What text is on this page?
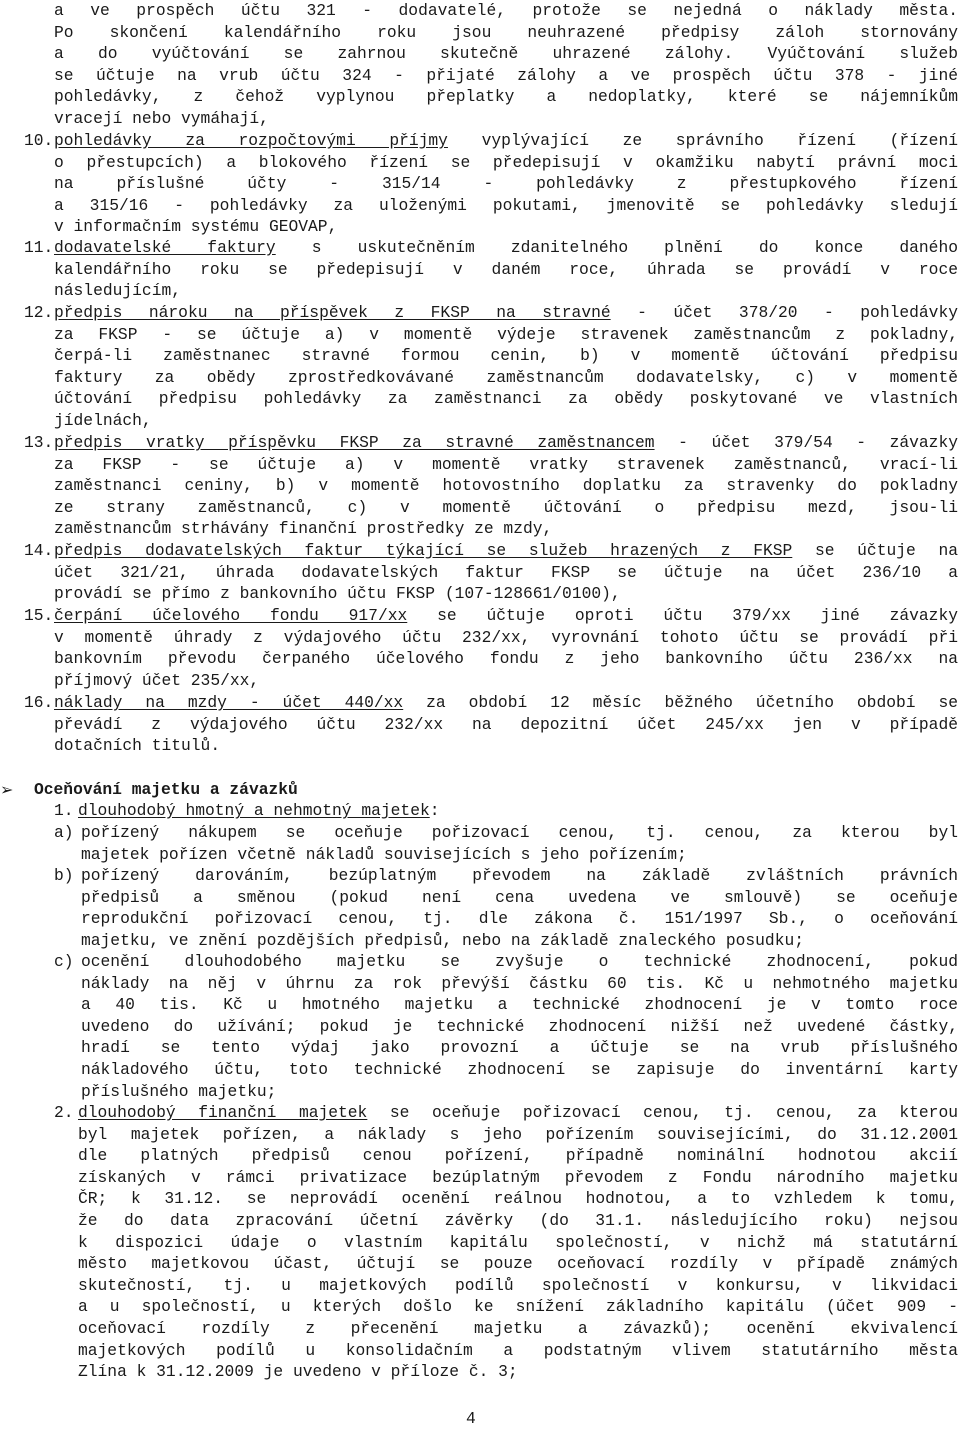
a ve prospěch účtu 321 - dodavatelé, protože se nejedná o náklady města.
Po skončení kalendářního roku jsou neuhrazené předpisy záloh stornovány
a do vyúčtování se zahrnou skutečně uhrazené zálohy. Vyúčtování služeb
se účtuje na vrub účtu 324 - přijaté zálohy a ve prospěch účtu 378 - jiné
pohledávky, z čehož vyplynou přeplatky a nedoplatky, které se nájemníkům
vracejí nebo vymáhají,
10. pohledávky za rozpočtovými příjmy vyplývající ze správního řízení (řízení
o přestupcích) a blokového řízení se předepisují v okamžiku nabytí právní moci
na příslušné účty - 315/14 - pohledávky z přestupkového řízení
a 315/16 - pohledávky za uloženými pokutami, jmenovitě se pohledávky sledují
v informačním systému GEOVAP,
11. dodavatelské faktury s uskutečněním zdanitelného plnění do konce daného
kalendářního roku se předepisují v daném roce, úhrada se provádí v roce
následujícím,
12. předpis nároku na příspěvek z FKSP na stravné - účet 378/20 - pohledávky
za FKSP - se účtuje a) v momentě výdeje stravenek zaměstnancům z pokladny,
čerpá-li zaměstnanec stravné formou cenin, b) v momentě účtování předpisu
faktury za obědy zprostředkovávané zaměstnancům dodavatelsky, c) v momentě
účtování předpisu pohledávky za zaměstnanci za obědy poskytované ve vlastních
jídelnách,
13. předpis vratky příspěvku FKSP za stravné zaměstnancem - účet 379/54 - závazky
za FKSP - se účtuje a) v momentě vratky stravenek zaměstnanců, vrací-li
zaměstnanci ceniny, b) v momentě hotovostního doplatku za stravenky do pokladny
ze strany zaměstnanců, c) v momentě účtování o předpisu mezd, jsou-li
zaměstnancům strhávány finanční prostředky ze mzdy,
14. předpis dodavatelských faktur týkající se služeb hrazených z FKSP se účtuje na
účet 321/21, úhrada dodavatelských faktur FKSP se účtuje na účet 236/10 a
provádí se přímo z bankovního účtu FKSP (107-128661/0100),
15. čerpání účelového fondu 917/xx se účtuje oproti účtu 379/xx jiné závazky
v momentě úhrady z výdajového účtu 232/xx, vyrovnání tohoto účtu se provádí při
bankovním převodu čerpaného účelového fondu z jeho bankovního účtu 236/xx na
příjmový účet 235/xx,
16. náklady na mzdy - účet 440/xx za období 12 měsíc běžného účetního období se
převádí z výdajového účtu 232/xx na depozitní účet 245/xx jen v případě
dotačních titulů.
➢ Oceňování majetku a závazků
1. dlouhodobý hmotný a nehmotný majetek:
a) pořízený nákupem se oceňuje pořizovací cenou, tj. cenou, za kterou byl
majetek pořízen včetně nákladů souvisejících s jeho pořízením;
b) pořízený darováním, bezúplatným převodem na základě zvláštních právních
předpisů a směnou (pokud není cena uvedena ve smlouvě) se oceňuje
reprodukční pořizovací cenou, tj. dle zákona č. 151/1997 Sb., o oceňování
majetku, ve znění pozdějších předpisů, nebo na základě znaleckého posudku;
c) ocenění dlouhodobého majetku se zvyšuje o technické zhodnocení, pokud
náklady na něj v úhrnu za rok převýší částku 60 tis. Kč u nehmotného majetku
a 40 tis. Kč u hmotného majetku a technické zhodnocení je v tomto roce
uvedeno do užívání; pokud je technické zhodnocení nižší než uvedené částky,
hradí se tento výdaj jako provozní a účtuje se na vrub příslušného
nákladového účtu, toto technické zhodnocení se zapisuje do inventární karty
příslušného majetku;
2. dlouhodobý finanční majetek se oceňuje pořizovací cenou, tj. cenou, za kterou
byl majetek pořízen, a náklady s jeho pořízením souvisejícími, do 31.12.2001
dle platných předpisů cenou pořízení, případně nominální hodnotou akcií
získaných v rámci privatizace bezúplatným převodem z Fondu národního majetku
ČR; k 31.12. se neprovádí ocenění reálnou hodnotou, a to vzhledem k tomu,
že do data zpracování účetní závěrky (do 31.1. následujícího roku) nejsou
k dispozici údaje o vlastním kapitálu společností, v nichž má statutární
město majetkovou účast, účtují se pouze oceňovací rozdíly v případě známých
skutečností, tj. u majetkových podílů společností v konkursu, v likvidaci
a u společností, u kterých došlo ke snížení základního kapitálu (účet 909 -
oceňovací rozdíly z přecenění majetku a závazků); ocenění ekvivalencí
majetkových podílů u konsolidačním a podstatným vlivem statutárního města
Zlína k 31.12.2009 je uvedeno v příloze č. 3;
4
